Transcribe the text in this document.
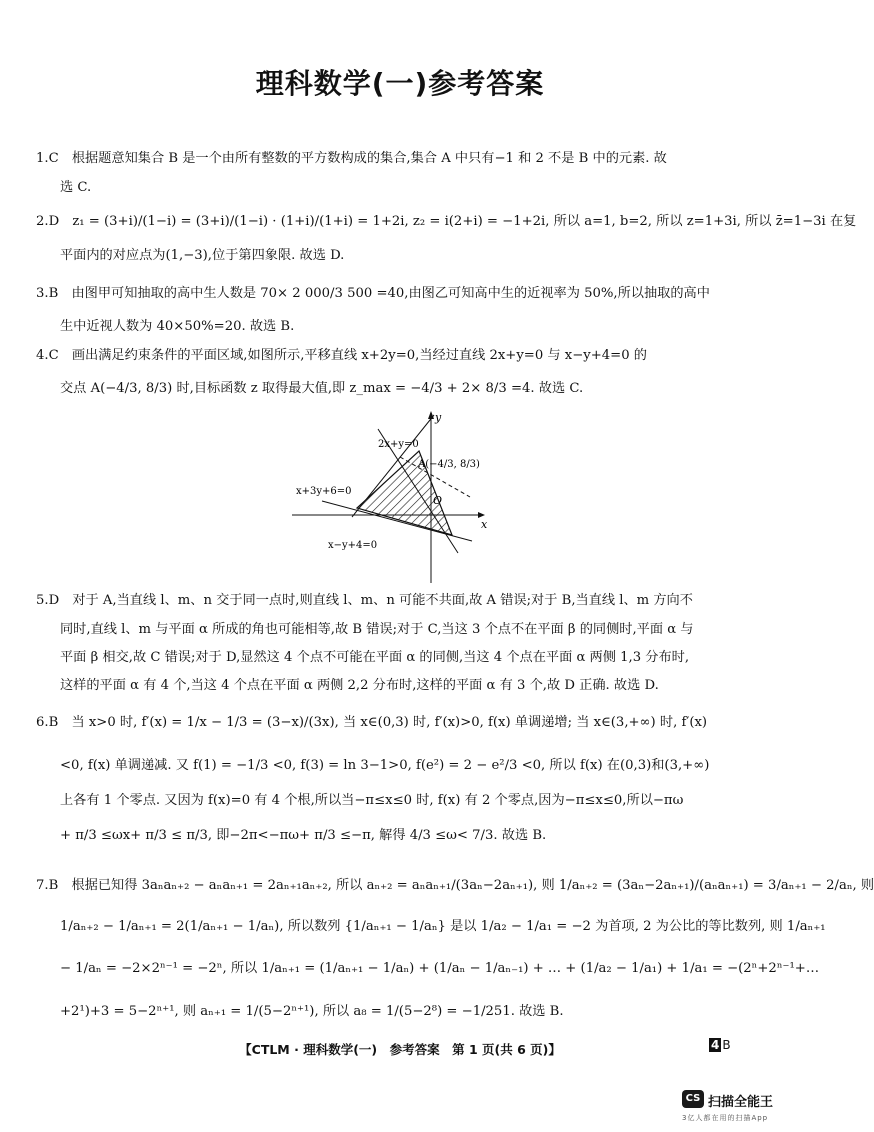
理科数学(一)参考答案
1.C　根据题意知集合 B 是一个由所有整数的平方数构成的集合,集合 A 中只有−1 和 2 不是 B 中的元素. 故
选 C.
2.D　z₁ = (3+i)/(1−i) = (3+i)/(1−i) · (1+i)/(1+i) = 1+2i, z₂ = i(2+i) = −1+2i, 所以 a=1, b=2, 所以 z=1+3i, 所以 z̄=1−3i 在复
平面内的对应点为(1,−3),位于第四象限. 故选 D.
3.B　由图甲可知抽取的高中生人数是 70× 2 000/3 500 =40,由图乙可知高中生的近视率为 50%,所以抽取的高中
生中近视人数为 40×50%=20. 故选 B.
4.C　画出满足约束条件的平面区域,如图所示,平移直线 x+2y=0,当经过直线 2x+y=0 与 x−y+4=0 的
交点 A(−4/3, 8/3) 时,目标函数 z 取得最大值,即 z_max = −4/3 + 2× 8/3 =4. 故选 C.
y
x
O
2x+y=0
x+3y+6=0
x−y+4=0
A(−4/3, 8/3)
5.D　对于 A,当直线 l、m、n 交于同一点时,则直线 l、m、n 可能不共面,故 A 错误;对于 B,当直线 l、m 方向不
同时,直线 l、m 与平面 α 所成的角也可能相等,故 B 错误;对于 C,当这 3 个点不在平面 β 的同侧时,平面 α 与
平面 β 相交,故 C 错误;对于 D,显然这 4 个点不可能在平面 α 的同侧,当这 4 个点在平面 α 两侧 1,3 分布时,
这样的平面 α 有 4 个,当这 4 个点在平面 α 两侧 2,2 分布时,这样的平面 α 有 3 个,故 D 正确. 故选 D.
6.B　当 x>0 时, f′(x) = 1/x − 1/3 = (3−x)/(3x), 当 x∈(0,3) 时, f′(x)>0, f(x) 单调递增; 当 x∈(3,+∞) 时, f′(x)
<0, f(x) 单调递减. 又 f(1) = −1/3 <0, f(3) = ln 3−1>0, f(e²) = 2 − e²/3 <0, 所以 f(x) 在(0,3)和(3,+∞)
上各有 1 个零点. 又因为 f(x)=0 有 4 个根,所以当−π≤x≤0 时, f(x) 有 2 个零点,因为−π≤x≤0,所以−πω
+ π/3 ≤ωx+ π/3 ≤ π/3, 即−2π<−πω+ π/3 ≤−π, 解得 4/3 ≤ω< 7/3. 故选 B.
7.B　根据已知得 3aₙaₙ₊₂ − aₙaₙ₊₁ = 2aₙ₊₁aₙ₊₂, 所以 aₙ₊₂ = aₙaₙ₊₁/(3aₙ−2aₙ₊₁), 则 1/aₙ₊₂ = (3aₙ−2aₙ₊₁)/(aₙaₙ₊₁) = 3/aₙ₊₁ − 2/aₙ, 则
1/aₙ₊₂ − 1/aₙ₊₁ = 2(1/aₙ₊₁ − 1/aₙ), 所以数列 {1/aₙ₊₁ − 1/aₙ} 是以 1/a₂ − 1/a₁ = −2 为首项, 2 为公比的等比数列, 则 1/aₙ₊₁
− 1/aₙ = −2×2ⁿ⁻¹ = −2ⁿ, 所以 1/aₙ₊₁ = (1/aₙ₊₁ − 1/aₙ) + (1/aₙ − 1/aₙ₋₁) + … + (1/a₂ − 1/a₁) + 1/a₁ = −(2ⁿ+2ⁿ⁻¹+…
+2¹)+3 = 5−2ⁿ⁺¹, 则 aₙ₊₁ = 1/(5−2ⁿ⁺¹), 所以 a₈ = 1/(5−2⁸) = −1/251. 故选 B.
【CTLM · 理科数学(一)　参考答案　第 1 页(共 6 页)】	4 B
CS 扫描全能王
3亿人都在用的扫描App
